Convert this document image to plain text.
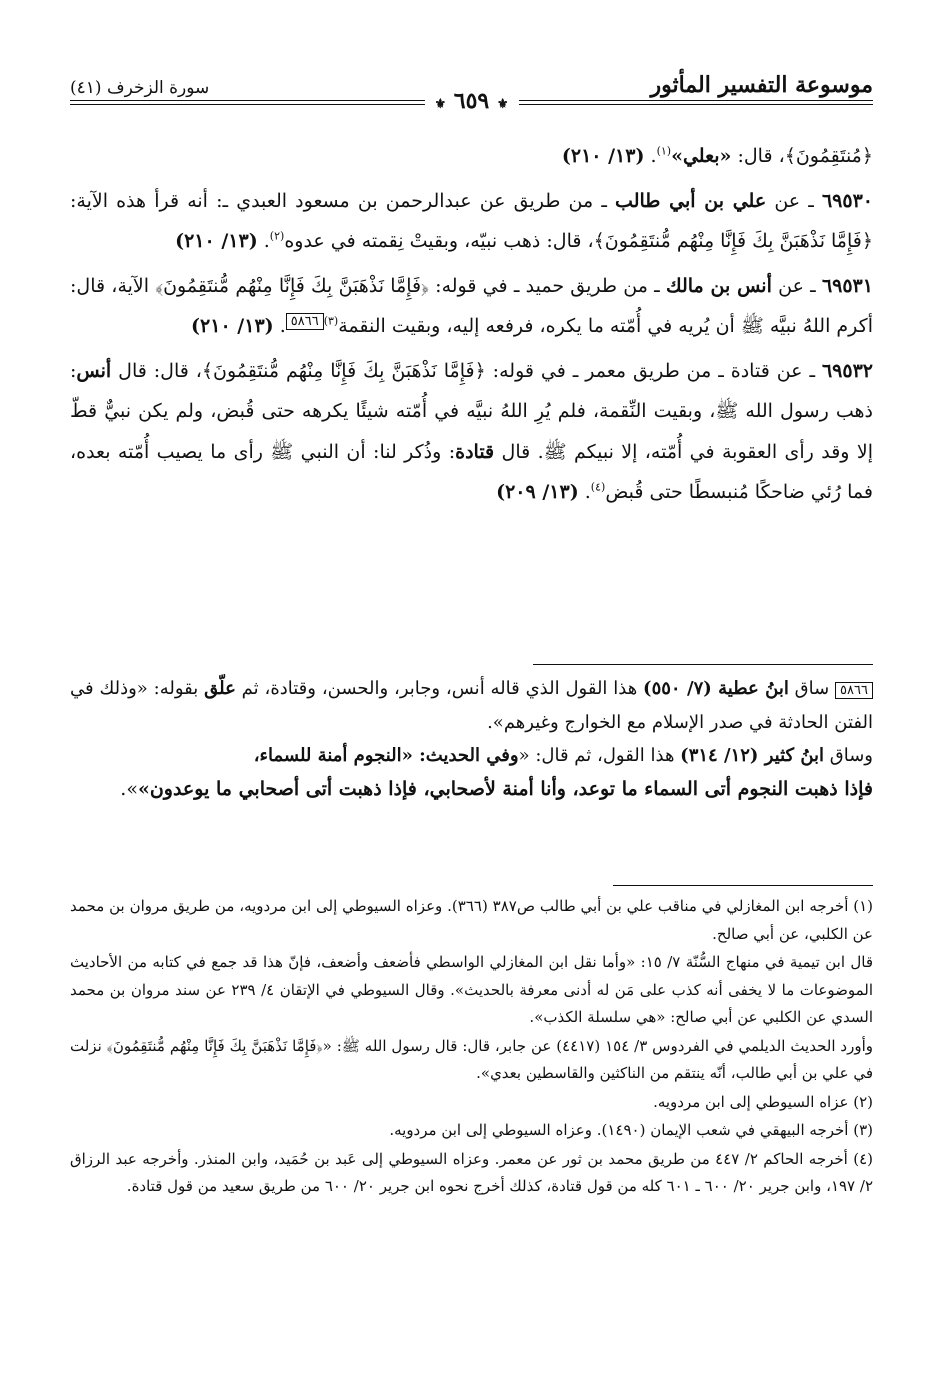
موسوعة التفسير المأثور
سورة الزخرف (٤١)
⚜ ٦٥٩ ⚜

﴿مُنتَقِمُونَ﴾، قال: «بعلي»$^{(١)}$. (١٣/ ٢١٠)

٦٩٥٣٠ ـ عن علي بن أبي طالب ـ من طريق عن عبدالرحمن بن مسعود العبدي ـ: أنه قرأ هذه الآية: ﴿فَإِمَّا نَذْهَبَنَّ بِكَ فَإِنَّا مِنْهُم مُّنتَقِمُونَ﴾، قال: ذهب نبيّه، وبقيتْ نِقمته في عدوه$^{(٢)}$. (١٣/ ٢١٠)

٦٩٥٣١ ـ عن أنس بن مالك ـ من طريق حميد ـ في قوله: ﴿فَإِمَّا نَذْهَبَنَّ بِكَ فَإِنَّا مِنْهُم مُّنتَقِمُونَ﴾ الآية، قال: أكرم اللهُ نبيَّه ﷺ أن يُريه في أُمّته ما يكره، فرفعه إليه، وبقيت النقمة$^{(٣)}$٥٨٦٦. (١٣/ ٢١٠)

٦٩٥٣٢ ـ عن قتادة ـ من طريق معمر ـ في قوله: ﴿فَإِمَّا نَذْهَبَنَّ بِكَ فَإِنَّا مِنْهُم مُّنتَقِمُونَ﴾، قال: قال أنس: ذهب رسول الله ﷺ، وبقيت النِّقمة، فلم يُرِ اللهُ نبيَّه في أُمّته شيئًا يكرهه حتى قُبض، ولم يكن نبيٌّ قطّ إلا وقد رأى العقوبة في أُمّته، إلا نبيكم ﷺ. قال قتادة: وذُكر لنا: أن النبي ﷺ رأى ما يصيب أُمّته بعده، فما رُئي ضاحكًا مُنبسطًا حتى قُبض$^{(٤)}$. (١٣/ ٢٠٩)

٥٨٦٦ ساق ابنُ عطية (٧/ ٥٥٠) هذا القول الذي قاله أنس، وجابر، والحسن، وقتادة، ثم علّق بقوله: «وذلك في الفتن الحادثة في صدر الإسلام مع الخوارج وغيرهم».

وساق ابنُ كثير (١٢/ ٣١٤) هذا القول، ثم قال: «وفي الحديث: «النجوم أمنة للسماء،

فإذا ذهبت النجوم أتى السماء ما توعد، وأنا أمنة لأصحابي، فإذا ذهبت أتى أصحابي ما يوعدون»».

(١) أخرجه ابن المغازلي في مناقب علي بن أبي طالب ص٣٨٧ (٣٦٦). وعزاه السيوطي إلى ابن مردويه، من طريق مروان بن محمد عن الكلبي، عن أبي صالح.

قال ابن تيمية في منهاج السُّنّة ٧/ ١٥: «وأما نقل ابن المغازلي الواسطي فأضعف وأضعف، فإنّ هذا قد جمع في كتابه من الأحاديث الموضوعات ما لا يخفى أنه كذب على مَن له أدنى معرفة بالحديث». وقال السيوطي في الإتقان ٤/ ٢٣٩ عن سند مروان بن محمد السدي عن الكلبي عن أبي صالح: «هي سلسلة الكذب».

وأورد الحديث الديلمي في الفردوس ٣/ ١٥٤ (٤٤١٧) عن جابر، قال: قال رسول الله ﷺ: «﴿فَإِمَّا نَذْهَبَنَّ بِكَ فَإِنَّا مِنْهُم مُّنتَقِمُونَ﴾ نزلت في علي بن أبي طالب، أنّه ينتقم من الناكثين والقاسطين بعدي».

(٢) عزاه السيوطي إلى ابن مردويه.

(٣) أخرجه البيهقي في شعب الإيمان (١٤٩٠). وعزاه السيوطي إلى ابن مردويه.

(٤) أخرجه الحاكم ٢/ ٤٤٧ من طريق محمد بن ثور عن معمر. وعزاه السيوطي إلى عَبد بن حُمَيد، وابن المنذر. وأخرجه عبد الرزاق ٢/ ١٩٧، وابن جرير ٢٠/ ٦٠٠ ـ ٦٠١ كله من قول قتادة، كذلك أخرج نحوه ابن جرير ٢٠/ ٦٠٠ من طريق سعيد من قول قتادة.
